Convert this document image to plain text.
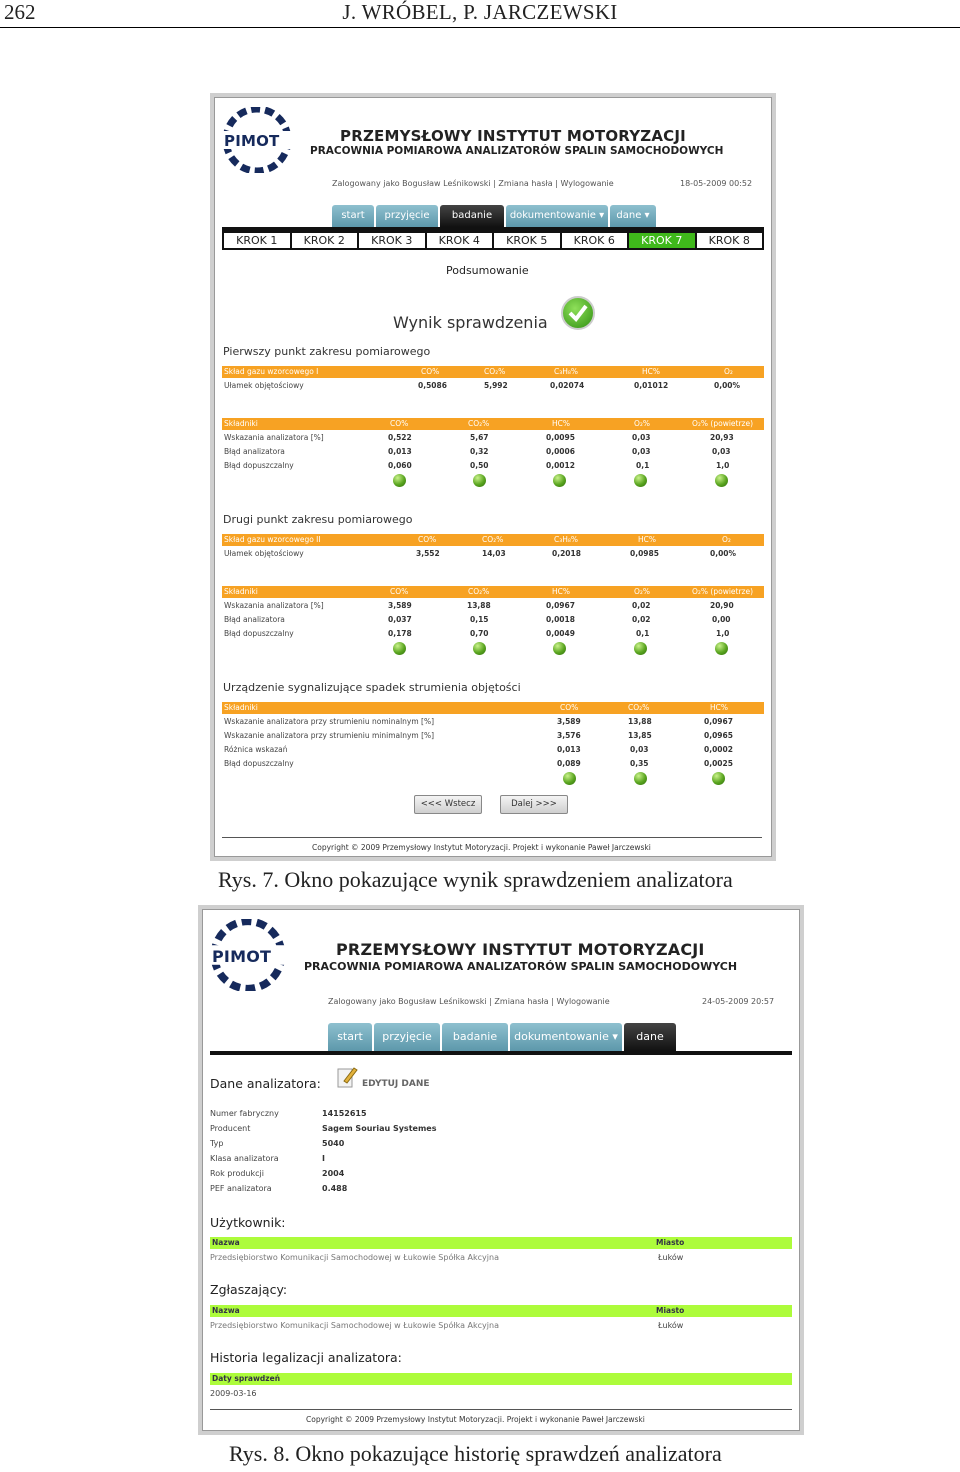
262	J. WRÓBEL, P. JARCZEWSKI
PIMOT	PRZEMYSŁOWY INSTYTUT MOTORYZACJI
PRACOWNIA POMIAROWA ANALIZATORÓW SPALIN SAMOCHODOWYCH
Zalogowany jako Bogusław Leśnikowski | Zmiana hasła | Wylogowanie	18-05-2009 00:52
start	przyjęcie	badanie	dokumentowanie ▾	dane ▾
KROK 1	KROK 2	KROK 3	KROK 4	KROK 5	KROK 6	KROK 7	KROK 8
Podsumowanie
Wynik sprawdzenia
Pierwszy punkt zakresu pomiarowego
Skład gazu wzorcowego I	CO%	CO₂%	C₃H₈%	HC%	O₂
Ułamek objętościowy	0,5086	5,992	0,02074	0,01012	0,00%
Składniki	CO%	CO₂%	HC%	O₂%	O₂% (powietrze)
Wskazania analizatora [%]	0,522	5,67	0,0095	0,03	20,93
Błąd analizatora	0,013	0,32	0,0006	0,03	0,03
Błąd dopuszczalny	0,060	0,50	0,0012	0,1	1,0
Drugi punkt zakresu pomiarowego
Skład gazu wzorcowego II	CO%	CO₂%	C₃H₈%	HC%	O₂
Ułamek objętościowy	3,552	14,03	0,2018	0,0985	0,00%
Składniki	CO%	CO₂%	HC%	O₂%	O₂% (powietrze)
Wskazania analizatora [%]	3,589	13,88	0,0967	0,02	20,90
Błąd analizatora	0,037	0,15	0,0018	0,02	0,00
Błąd dopuszczalny	0,178	0,70	0,0049	0,1	1,0
Urządzenie sygnalizujące spadek strumienia objętości
Składniki	CO%	CO₂%	HC%
Wskazanie analizatora przy strumieniu nominalnym [%]	3,589	13,88	0,0967
Wskazanie analizatora przy strumieniu minimalnym [%]	3,576	13,85	0,0965
Różnica wskazań	0,013	0,03	0,0002
Błąd dopuszczalny	0,089	0,35	0,0025
<<< Wstecz	Dalej >>>
Copyright © 2009 Przemysłowy Instytut Motoryzacji. Projekt i wykonanie Paweł Jarczewski
Rys. 7. Okno pokazujące wynik sprawdzeniem analizatora
PIMOT	PRZEMYSŁOWY INSTYTUT MOTORYZACJI
PRACOWNIA POMIAROWA ANALIZATORÓW SPALIN SAMOCHODOWYCH
Zalogowany jako Bogusław Leśnikowski | Zmiana hasła | Wylogowanie	24-05-2009 20:57
start	przyjęcie	badanie	dokumentowanie ▾	dane
Dane analizatora:	EDYTUJ DANE
Numer fabryczny	14152615
Producent	Sagem Souriau Systemes
Typ	5040
Klasa analizatora	I
Rok produkcji	2004
PEF analizatora	0.488
Użytkownik:
Nazwa	Miasto
Przedsiębiorstwo Komunikacji Samochodowej w Łukowie Spółka Akcyjna	Łuków
Zgłaszający:
Nazwa	Miasto
Przedsiębiorstwo Komunikacji Samochodowej w Łukowie Spółka Akcyjna	Łuków
Historia legalizacji analizatora:
Daty sprawdzeń
2009-03-16
Copyright © 2009 Przemysłowy Instytut Motoryzacji. Projekt i wykonanie Paweł Jarczewski
Rys. 8. Okno pokazujące historię sprawdzeń analizatora
